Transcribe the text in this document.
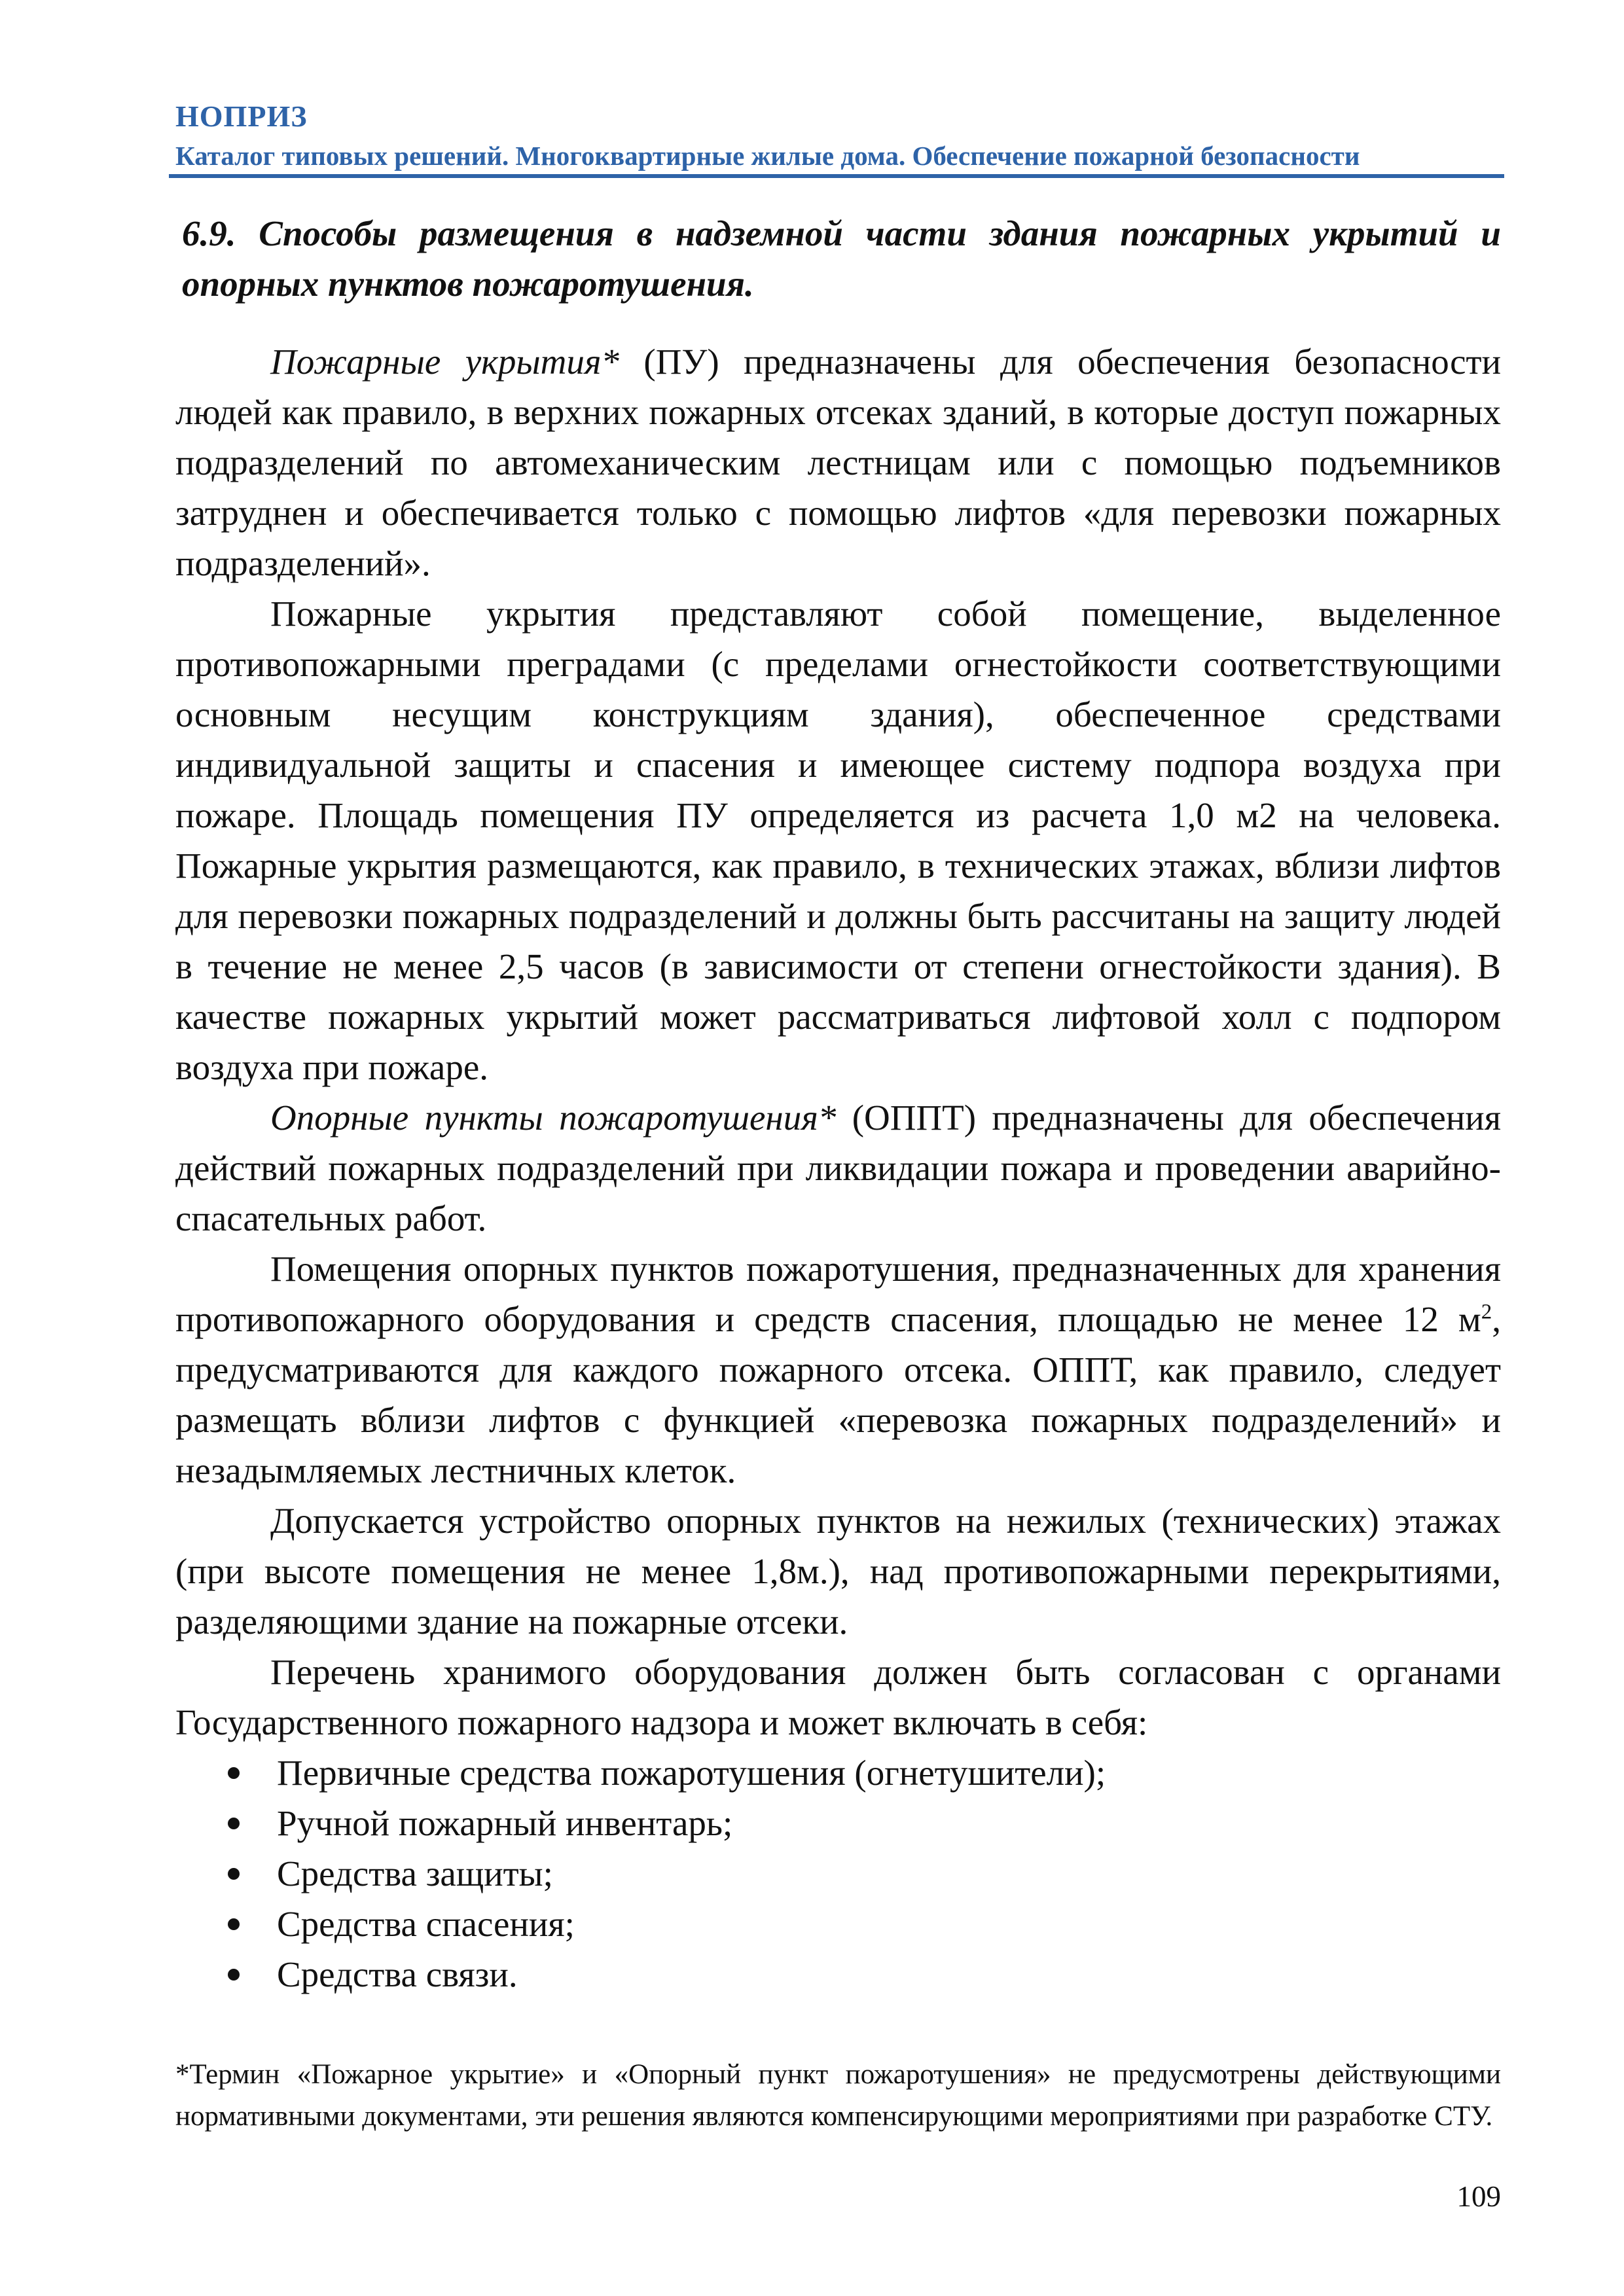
НОПРИЗ
Каталог типовых решений. Многоквартирные жилые дома. Обеспечение пожарной безопасности
6.9. Способы размещения в надземной части здания пожарных укрытий и опорных пунктов пожаротушения.

Пожарные укрытия* (ПУ) предназначены для обеспечения безопасности людей как правило, в верхних пожарных отсеках зданий, в которые доступ пожарных подразделений по автомеханическим лестницам или с помощью подъемников затруднен и обеспечивается только с помощью лифтов «для перевозки пожарных подразделений».

Пожарные укрытия представляют собой помещение, выделенное противопожарными преградами (с пределами огнестойкости соответствующими основным несущим конструкциям здания), обеспеченное средствами индивидуальной защиты и спасения и имеющее систему подпора воздуха при пожаре. Площадь помещения ПУ определяется из расчета 1,0 м2 на человека. Пожарные укрытия размещаются, как правило, в технических этажах, вблизи лифтов для перевозки пожарных подразделений и должны быть рассчитаны на защиту людей в течение не менее 2,5 часов (в зависимости от степени огнестойкости здания). В качестве пожарных укрытий может рассматриваться лифтовой холл с подпором воздуха при пожаре.

Опорные пункты пожаротушения* (ОППТ) предназначены для обеспечения действий пожарных подразделений при ликвидации пожара и проведении аварийно-спасательных работ.

Помещения опорных пунктов пожаротушения, предназначенных для хранения противопожарного оборудования и средств спасения, площадью не менее 12 $м^2$, предусматриваются для каждого пожарного отсека. ОППТ, как правило, следует размещать вблизи лифтов с функцией «перевозка пожарных подразделений» и незадымляемых лестничных клеток.

Допускается устройство опорных пунктов на нежилых (технических) этажах (при высоте помещения не менее 1,8м.), над противопожарными перекрытиями, разделяющими здание на пожарные отсеки.

Перечень хранимого оборудования должен быть согласован с органами Государственного пожарного надзора и может включать в себя:

Первичные средства пожаротушения (огнетушители);
Ручной пожарный инвентарь;
Средства защиты;
Средства спасения;
Средства связи.
*Термин «Пожарное укрытие» и «Опорный пункт пожаротушения» не предусмотрены действующими нормативными документами, эти решения являются компенсирующими мероприятиями при разработке СТУ.
109
